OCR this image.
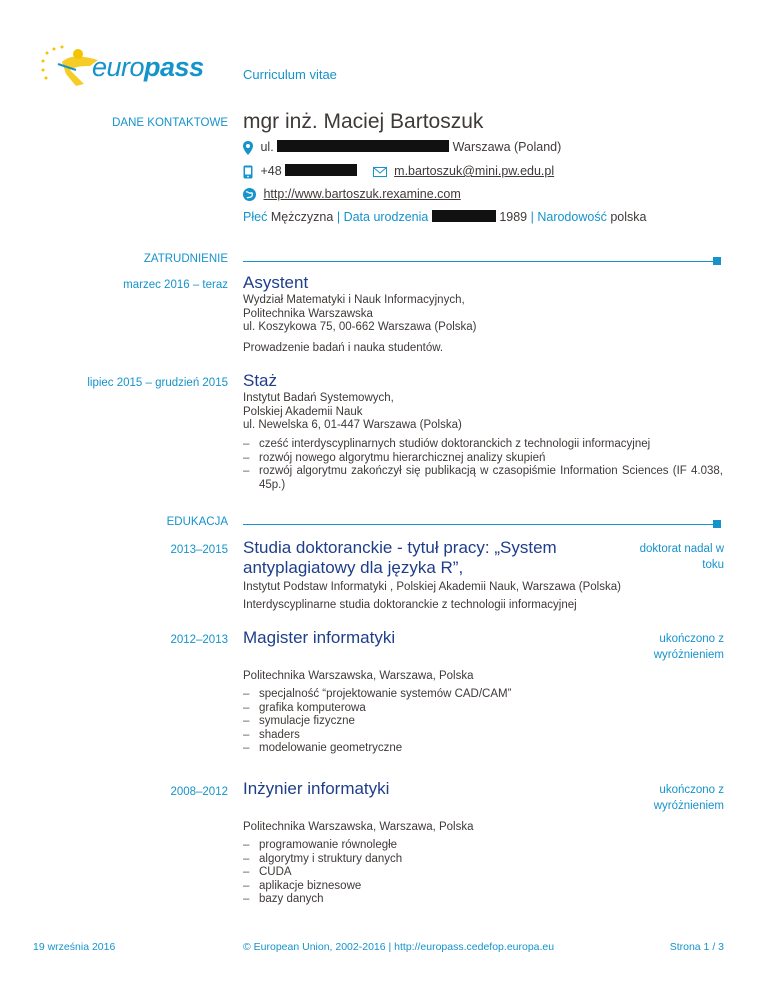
europass	Curriculum vitae
DANE KONTAKTOWE mgr inż. Maciej Bartoszuk
ul.	Warszawa (Poland)
+48	m.bartoszuk@mini.pw.edu.pl
http://www.bartoszuk.rexamine.com
Płeć Mężczyzna | Data urodzenia	1989 | Narodowość polska
ZATRUDNIENIE
marzec 2016 – teraz Asystent
Wydział Matematyki i Nauk Informacyjnych,
Politechnika Warszawska
ul. Koszykowa 75, 00-662 Warszawa (Polska)
Prowadzenie badań i nauka studentów.
lipiec 2015 – grudzień 2015 Staż
Instytut Badań Systemowych,
Polskiej Akademii Nauk
ul. Newelska 6, 01-447 Warszawa (Polska)
– cześć interdyscyplinarnych studiów doktoranckich z technologii informacyjnej
– rozwój nowego algorytmu hierarchicznej analizy skupień
– rozwój algorytmu zakończył się publikacją w czasopiśmie Information Sciences (IF 4.038, 45p.)
EDUKACJA
2013–2015 Studia doktoranckie - tytuł pracy: „System antyplagiatowy dla języka R”,
doktorat nadal w toku
Instytut Podstaw Informatyki , Polskiej Akademii Nauk, Warszawa (Polska)
Interdyscyplinarne studia doktoranckie z technologii informacyjnej
2012–2013 Magister informatyki	ukończono z wyróżnieniem
Politechnika Warszawska, Warszawa, Polska
– specjalność “projektowanie systemów CAD/CAM”
– grafika komputerowa
– symulacje fizyczne
– shaders
– modelowanie geometryczne
2008–2012 Inżynier informatyki	ukończono z wyróżnieniem
Politechnika Warszawska, Warszawa, Polska
– programowanie równoległe
– algorytmy i struktury danych
– CUDA
– aplikacje biznesowe
– bazy danych
19 września 2016	© European Union, 2002-2016 | http://europass.cedefop.europa.eu	Strona 1 / 3
